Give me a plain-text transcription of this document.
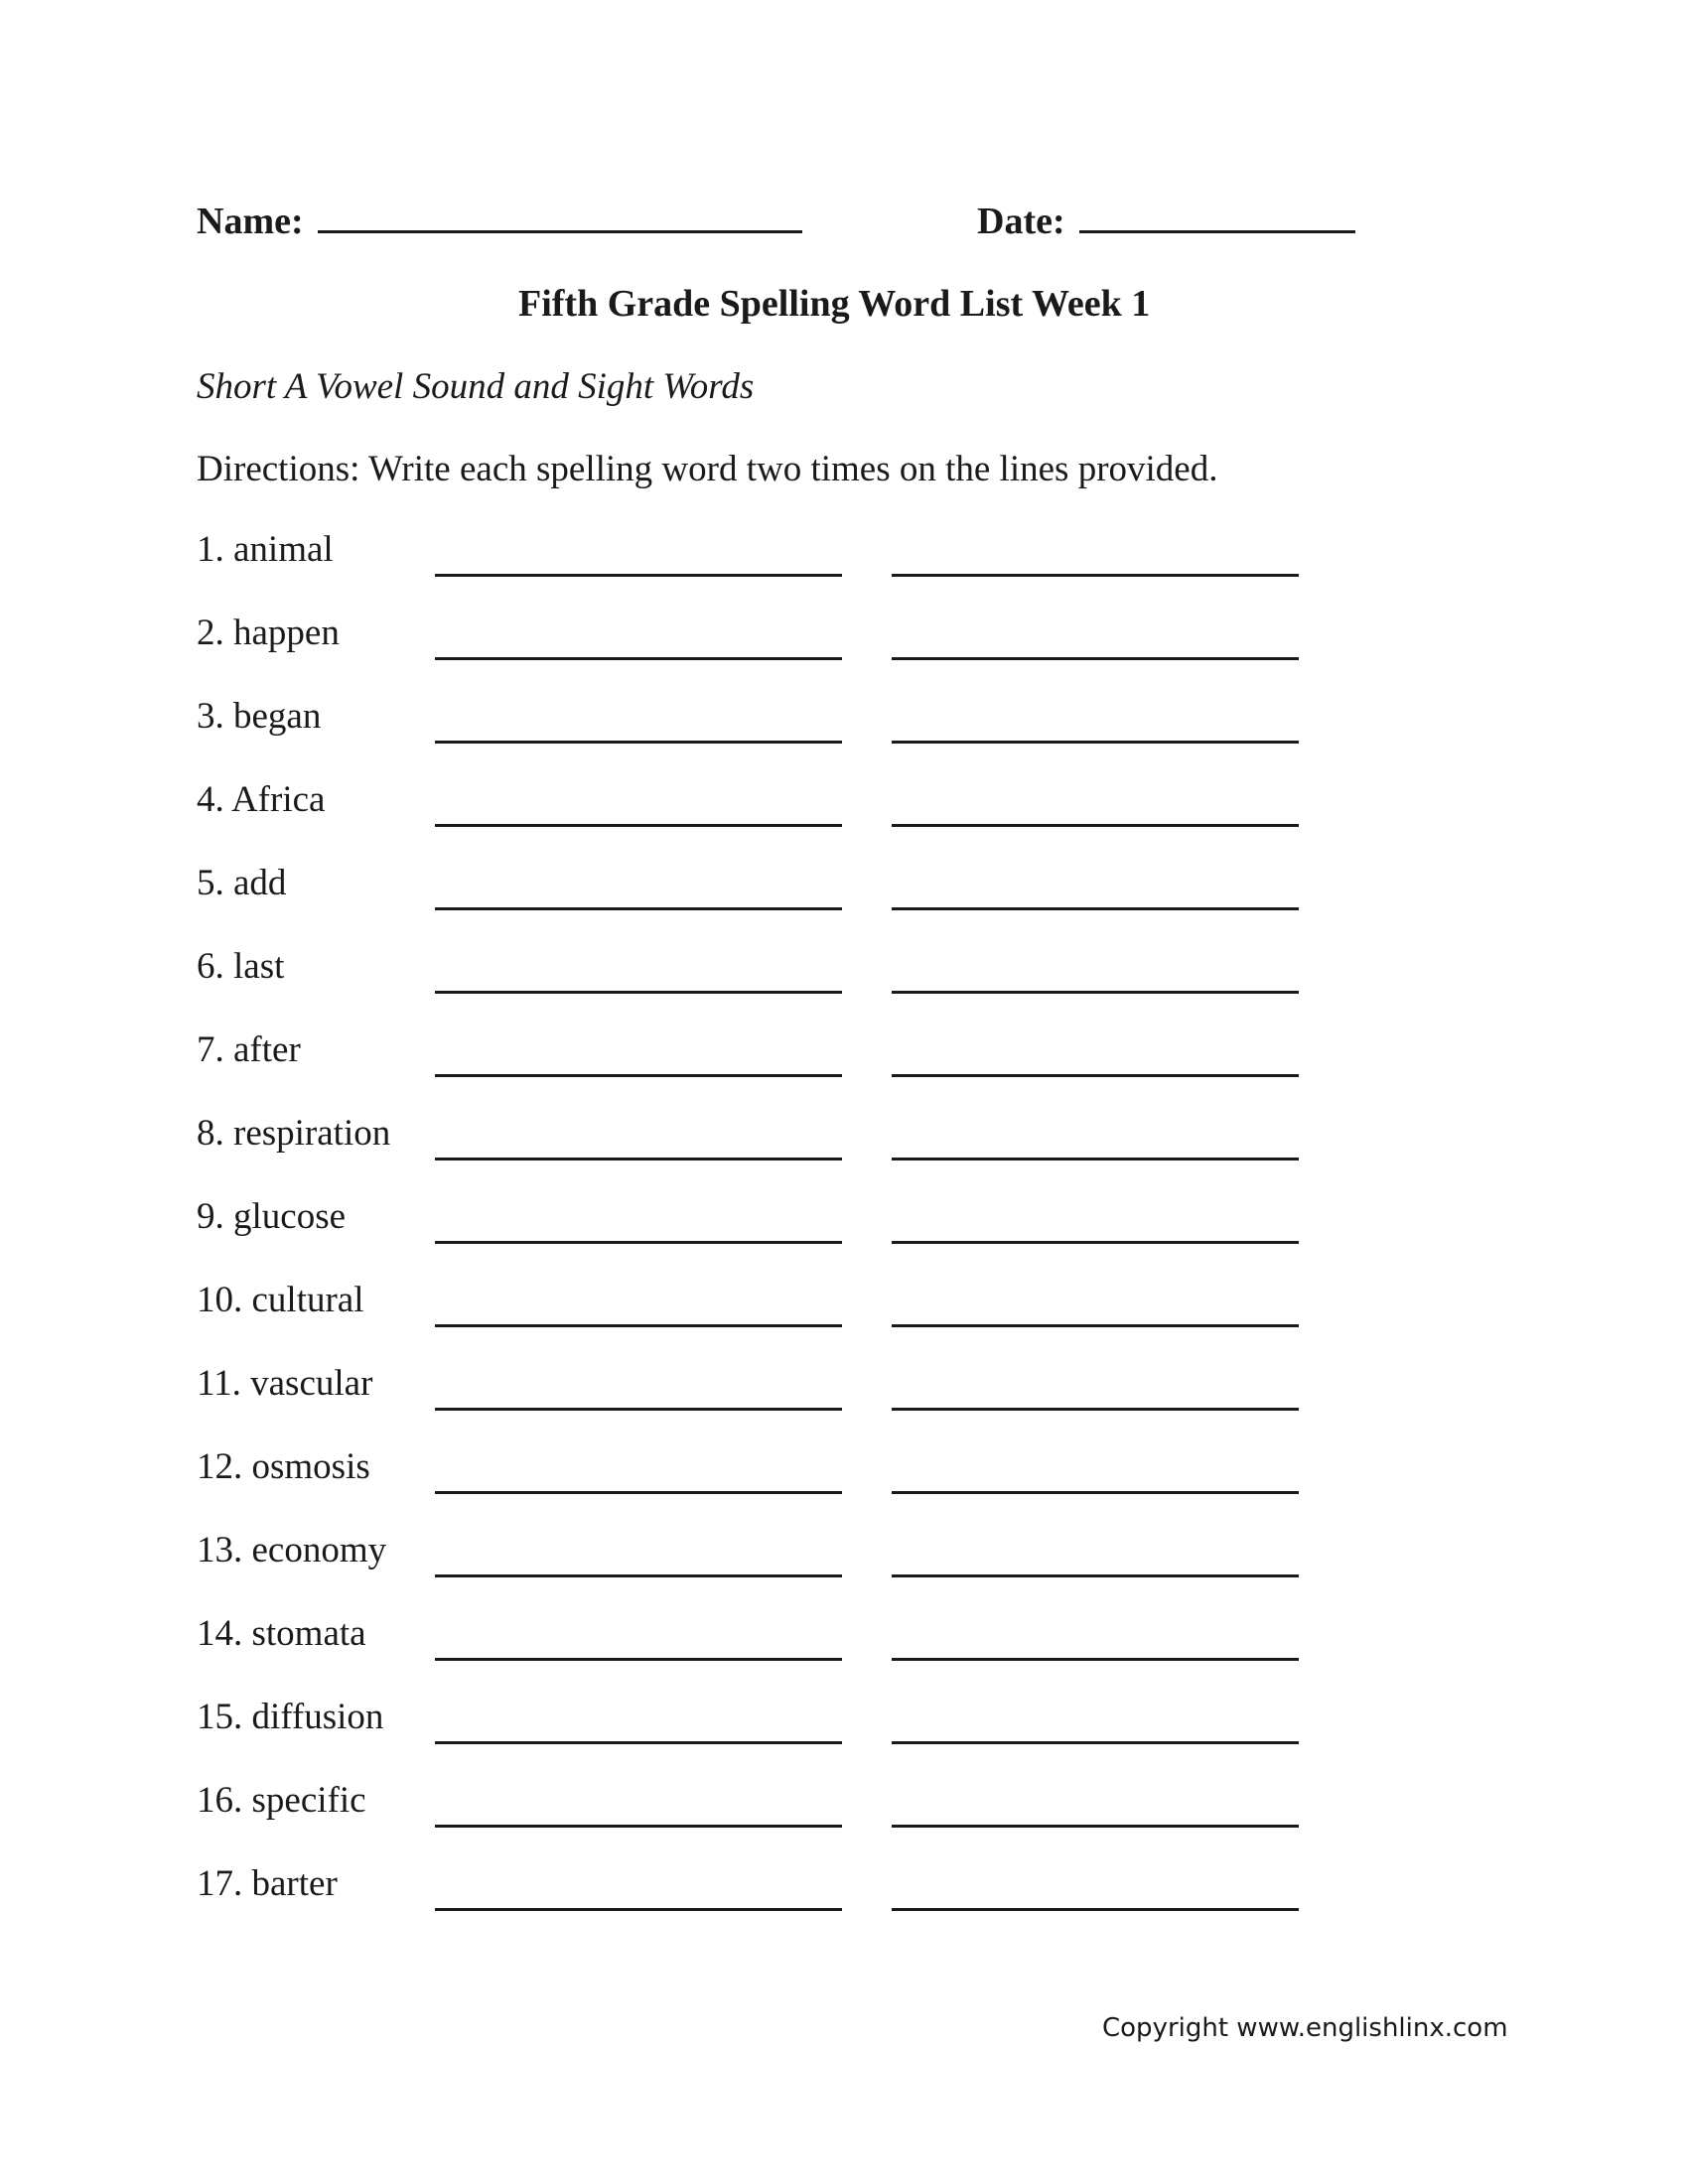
Name:	Date:
Fifth Grade Spelling Word List Week 1
Short A Vowel Sound and Sight Words
Directions: Write each spelling word two times on the lines provided.
1. animal
2. happen
3. began
4. Africa
5. add
6. last
7. after
8. respiration
9. glucose
10. cultural
11. vascular
12. osmosis
13. economy
14. stomata
15. diffusion
16. specific
17. barter
Copyright www.englishlinx.com
